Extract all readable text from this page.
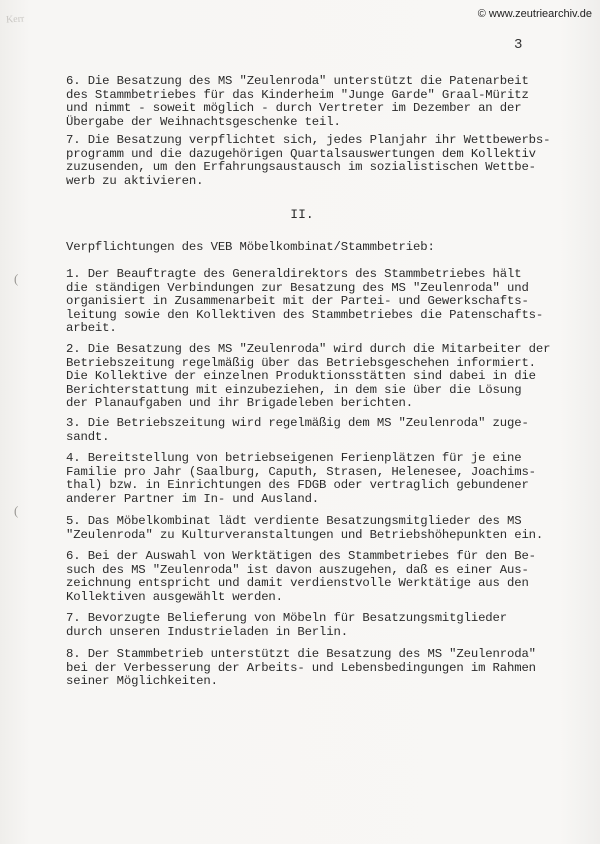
Kerr	© www.zeutriearchiv.de
3
(
(
6. Die Besatzung des MS "Zeulenroda" unterstützt die Patenarbeit
des Stammbetriebes für das Kinderheim "Junge Garde" Graal-Müritz
und nimmt - soweit möglich - durch Vertreter im Dezember an der
Übergabe der Weihnachtsgeschenke teil.
7. Die Besatzung verpflichtet sich, jedes Planjahr ihr Wettbewerbs-
programm und die dazugehörigen Quartalsauswertungen dem Kollektiv
zuzusenden, um den Erfahrungsaustausch im sozialistischen Wettbe-
werb zu aktivieren.
II.
Verpflichtungen des VEB Möbelkombinat/Stammbetrieb:
1. Der Beauftragte des Generaldirektors des Stammbetriebes hält
die ständigen Verbindungen zur Besatzung des MS "Zeulenroda" und
organisiert in Zusammenarbeit mit der Partei- und Gewerkschafts-
leitung sowie den Kollektiven des Stammbetriebes die Patenschafts-
arbeit.
2. Die Besatzung des MS "Zeulenroda" wird durch die Mitarbeiter der
Betriebszeitung regelmäßig über das Betriebsgeschehen informiert.
Die Kollektive der einzelnen Produktionsstätten sind dabei in die
Berichterstattung mit einzubeziehen, in dem sie über die Lösung
der Planaufgaben und ihr Brigadeleben berichten.
3. Die Betriebszeitung wird regelmäßig dem MS "Zeulenroda" zuge-
sandt.
4. Bereitstellung von betriebseigenen Ferienplätzen für je eine
Familie pro Jahr (Saalburg, Caputh, Strasen, Helenesee, Joachims-
thal) bzw. in Einrichtungen des FDGB oder vertraglich gebundener
anderer Partner im In- und Ausland.
5. Das Möbelkombinat lädt verdiente Besatzungsmitglieder des MS
"Zeulenroda" zu Kulturveranstaltungen und Betriebshöhepunkten ein.
6. Bei der Auswahl von Werktätigen des Stammbetriebes für den Be-
such des MS "Zeulenroda" ist davon auszugehen, daß es einer Aus-
zeichnung entspricht und damit verdienstvolle Werktätige aus den
Kollektiven ausgewählt werden.
7. Bevorzugte Belieferung von Möbeln für Besatzungsmitglieder
durch unseren Industrieladen in Berlin.
8. Der Stammbetrieb unterstützt die Besatzung des MS "Zeulenroda"
bei der Verbesserung der Arbeits- und Lebensbedingungen im Rahmen
seiner Möglichkeiten.
